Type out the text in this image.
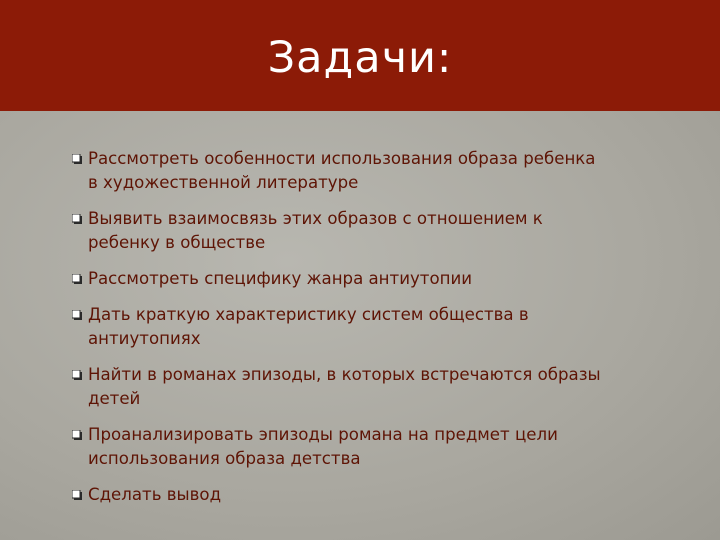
Задачи:
Рассмотреть особенности использования образа ребенка
в художественной литературе
Выявить взаимосвязь этих образов с отношением к
ребенку в обществе
Рассмотреть специфику жанра антиутопии
Дать краткую характеристику систем общества в
антиутопиях
Найти в романах эпизоды, в которых встречаются образы
детей
Проанализировать эпизоды романа на предмет цели
использования образа детства
Сделать вывод
